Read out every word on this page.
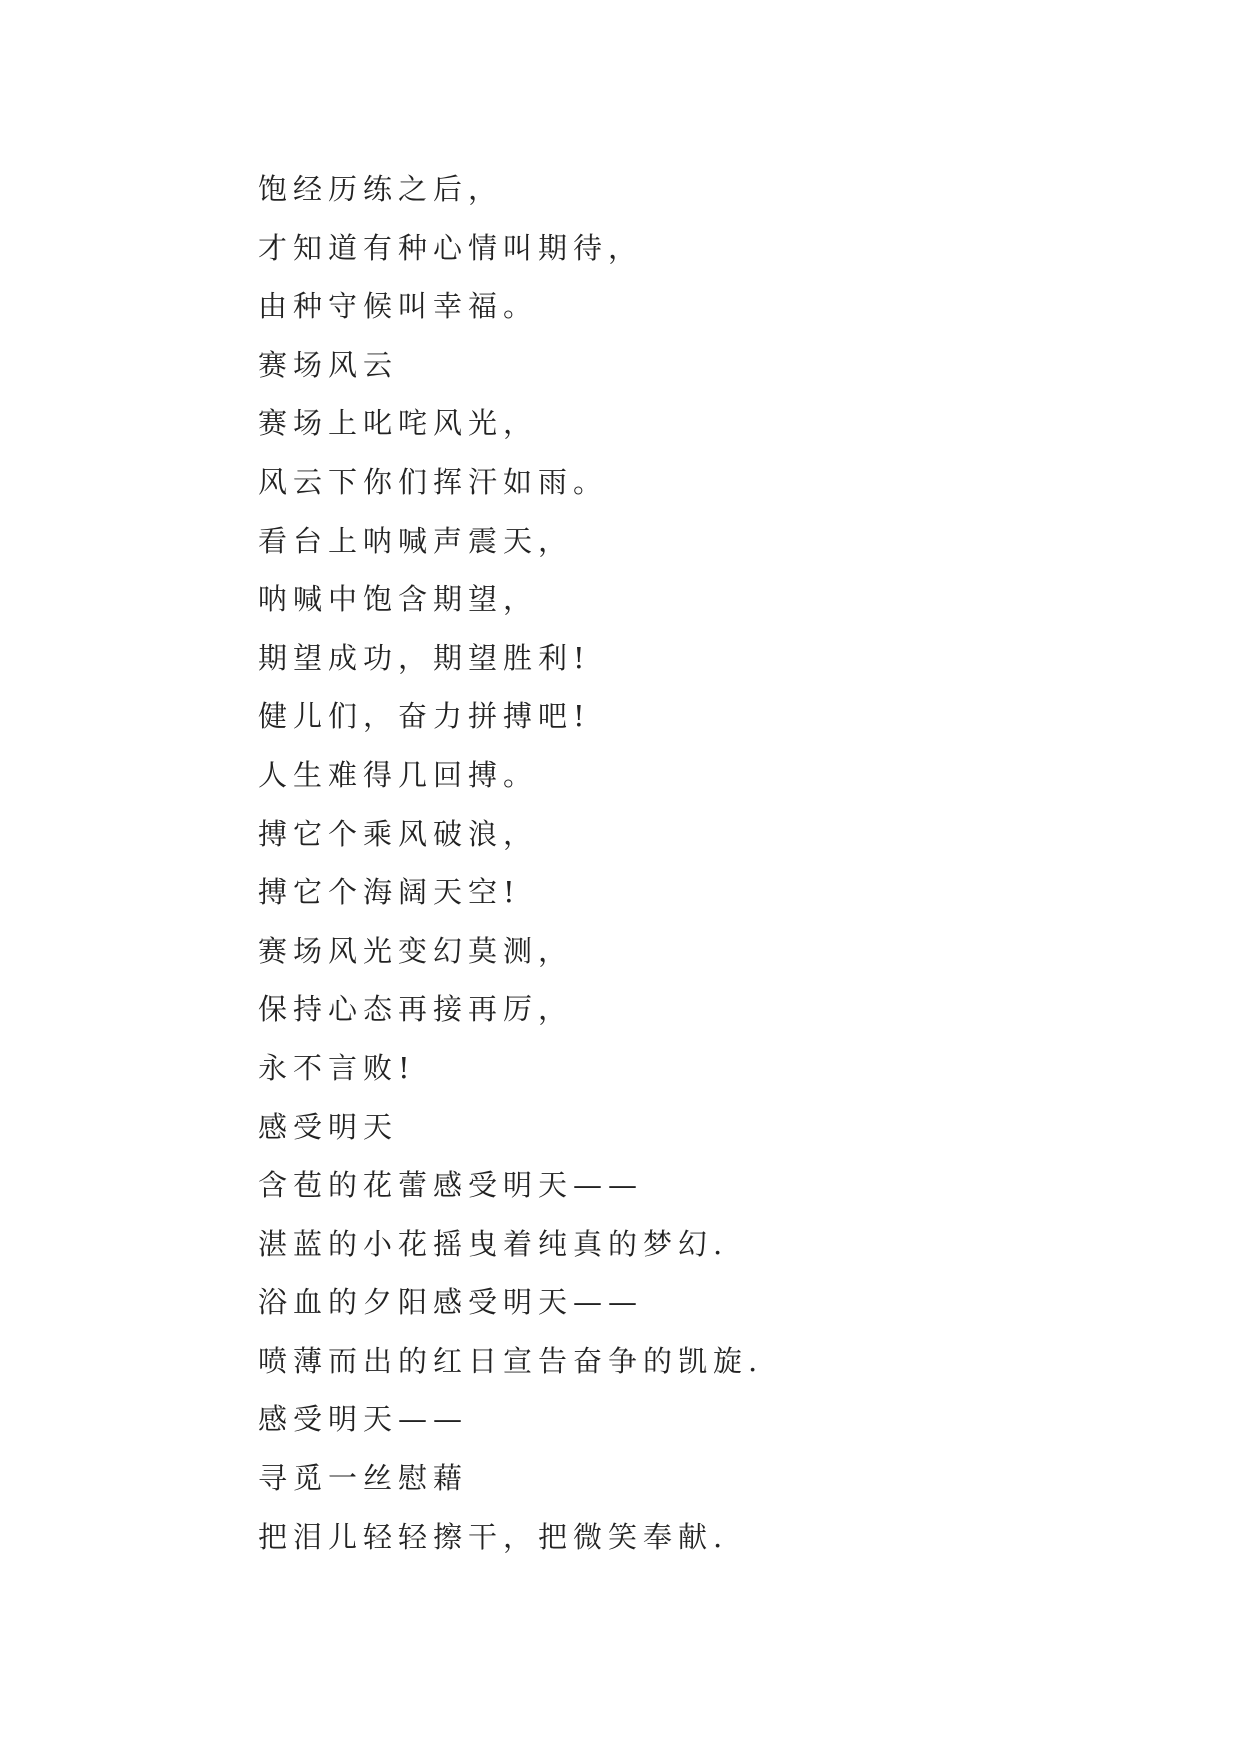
饱经历练之后，
才知道有种心情叫期待，
由种守候叫幸福。
赛场风云
赛场上叱咤风光，
风云下你们挥汗如雨。
看台上呐喊声震天，
呐喊中饱含期望，
期望成功，期望胜利!
健儿们，奋力拼搏吧!
人生难得几回搏。
搏它个乘风破浪，
搏它个海阔天空!
赛场风光变幻莫测，
保持心态再接再厉，
永不言败!
感受明天
含苞的花蕾感受明天——
湛蓝的小花摇曳着纯真的梦幻.
浴血的夕阳感受明天——
喷薄而出的红日宣告奋争的凯旋.
感受明天——
寻觅一丝慰藉
把泪儿轻轻擦干，把微笑奉献.
